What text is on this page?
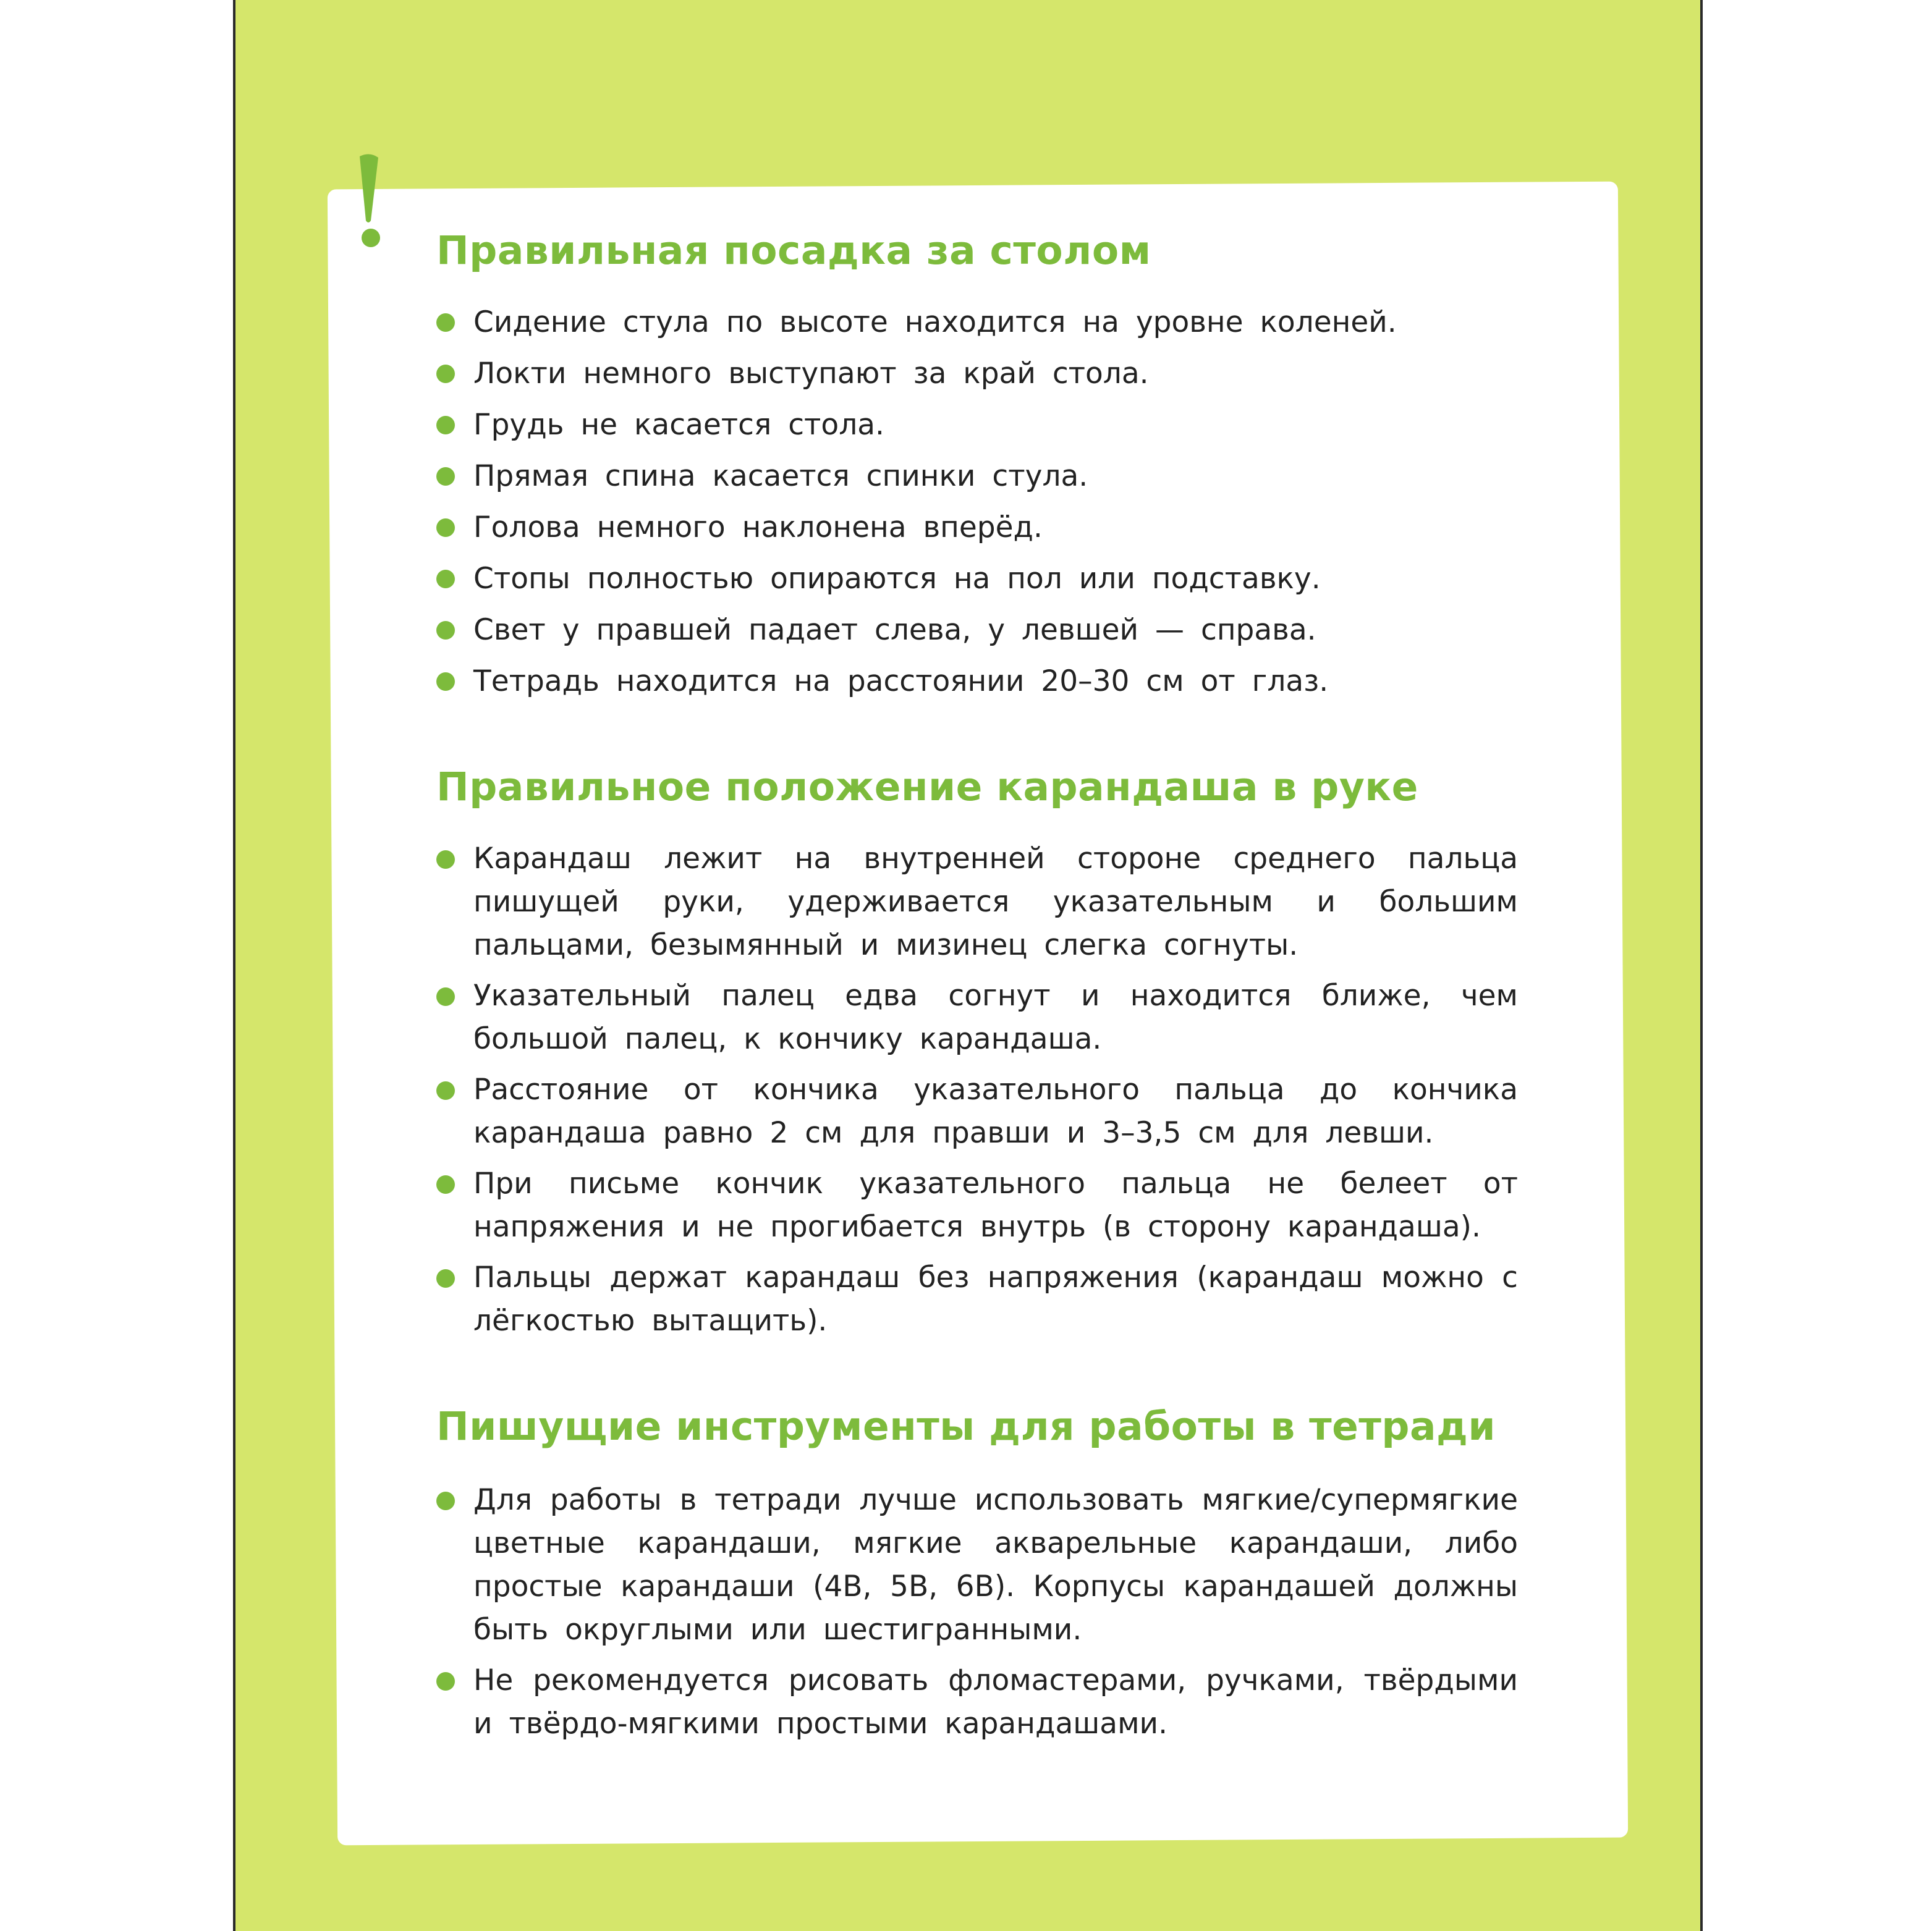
Правильная посадка за столом
Сидение стула по высоте находится на уровне коленей.
Локти немного выступают за край стола.
Грудь не касается стола.
Прямая спина касается спинки стула.
Голова немного наклонена вперёд.
Стопы полностью опираются на пол или подставку.
Свет у правшей падает слева, у левшей — справа.
Тетрадь находится на расстоянии 20–30 см от глаз.
Правильное положение карандаша в руке
Карандаш лежит на внутренней стороне среднего пальца пишущей руки, удерживается указательным и большим пальцами, безымянный и мизинец слегка согнуты.
Указательный палец едва согнут и находится ближе, чем большой палец, к кончику карандаша.
Расстояние от кончика указательного пальца до кончика карандаша равно 2 см для правши и 3–3,5 см для левши.
При письме кончик указательного пальца не белеет от напряжения и не прогибается внутрь (в сторону карандаша).
Пальцы держат карандаш без напряжения (карандаш можно с лёгкостью вытащить).
Пишущие инструменты для работы в тетради
Для работы в тетради лучше использовать мягкие/супермягкие цветные карандаши, мягкие акварельные карандаши, либо простые карандаши (4B, 5B, 6B). Корпусы карандашей должны быть округлыми или шестигранными.
Не рекомендуется рисовать фломастерами, ручками, твёрдыми и твёрдо-мягкими простыми карандашами.
